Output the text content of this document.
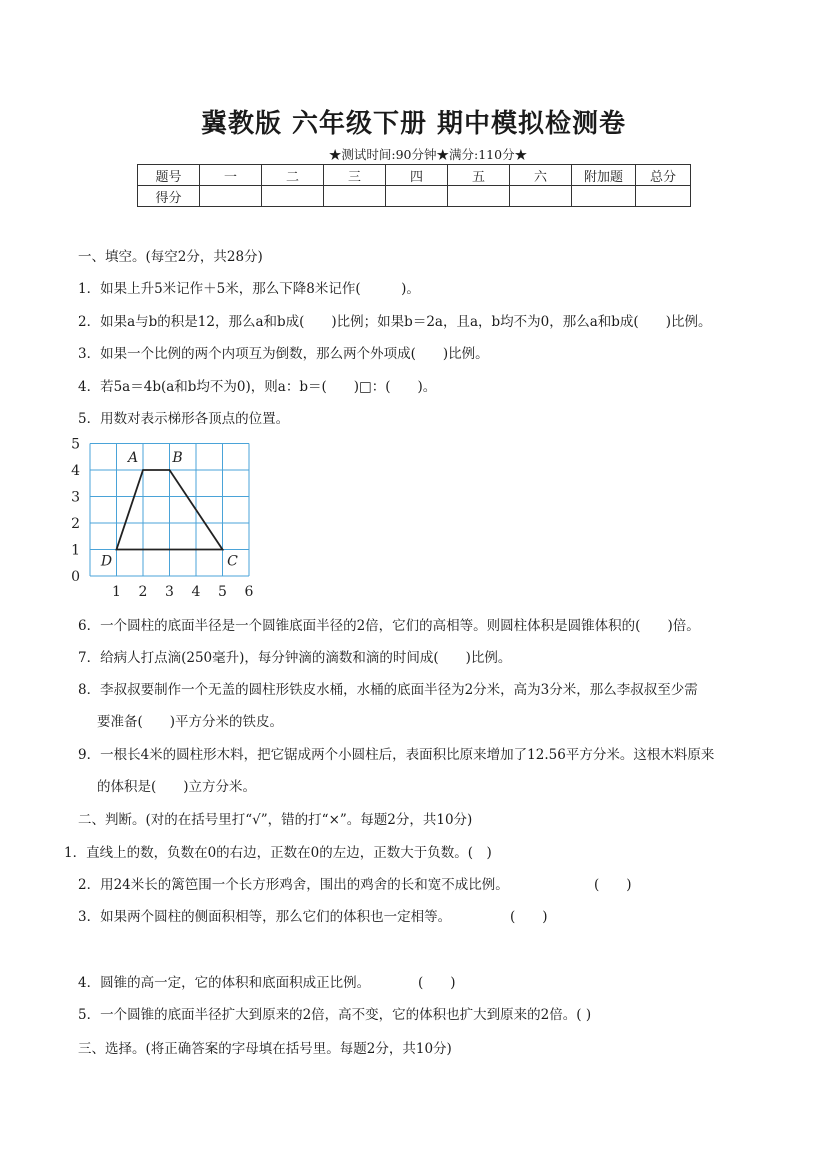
冀教版 六年级下册 期中模拟检测卷
★测试时间:90分钟★满分:110分★
题号	一	二	三	四	五	六	附加题	总分
得分								
一、填空。(每空2分，共28分)
1．如果上升5米记作＋5米，那么下降8米记作(　　　)。
2．如果a与b的积是12，那么a和b成(　　)比例；如果b＝2a，且a，b均不为0，那么a和b成(　　)比例。
3．如果一个比例的两个内项互为倒数，那么两个外项成(　　)比例。
4．若5a＝4b(a和b均不为0)，则a：b＝(　　)□：(　　)。
5．用数对表示梯形各顶点的位置。
1 2 3 4 5 6
0
1
2
3
4
5
A B
C
D
6．一个圆柱的底面半径是一个圆锥底面半径的2倍，它们的高相等。则圆柱体积是圆锥体积的(　　)倍。
7．给病人打点滴(250毫升)，每分钟滴的滴数和滴的时间成(　　)比例。
8．李叔叔要制作一个无盖的圆柱形铁皮水桶，水桶的底面半径为2分米，高为3分米，那么李叔叔至少需
要准备(　　)平方分米的铁皮。
9．一根长4米的圆柱形木料，把它锯成两个小圆柱后，表面积比原来增加了12.56平方分米。这根木料原来
的体积是(　　)立方分米。
二、判断。(对的在括号里打“√”，错的打“×”。每题2分，共10分)
1．直线上的数，负数在0的右边，正数在0的左边，正数大于负数。(　)
2．用24米长的篱笆围一个长方形鸡舍，围出的鸡舍的长和宽不成比例。	(　　)
3．如果两个圆柱的侧面积相等，那么它们的体积也一定相等。	(　　)
4．圆锥的高一定，它的体积和底面积成正比例。	(　　)
5．一个圆锥的底面半径扩大到原来的2倍，高不变，它的体积也扩大到原来的2倍。( )
三、选择。(将正确答案的字母填在括号里。每题2分，共10分)
